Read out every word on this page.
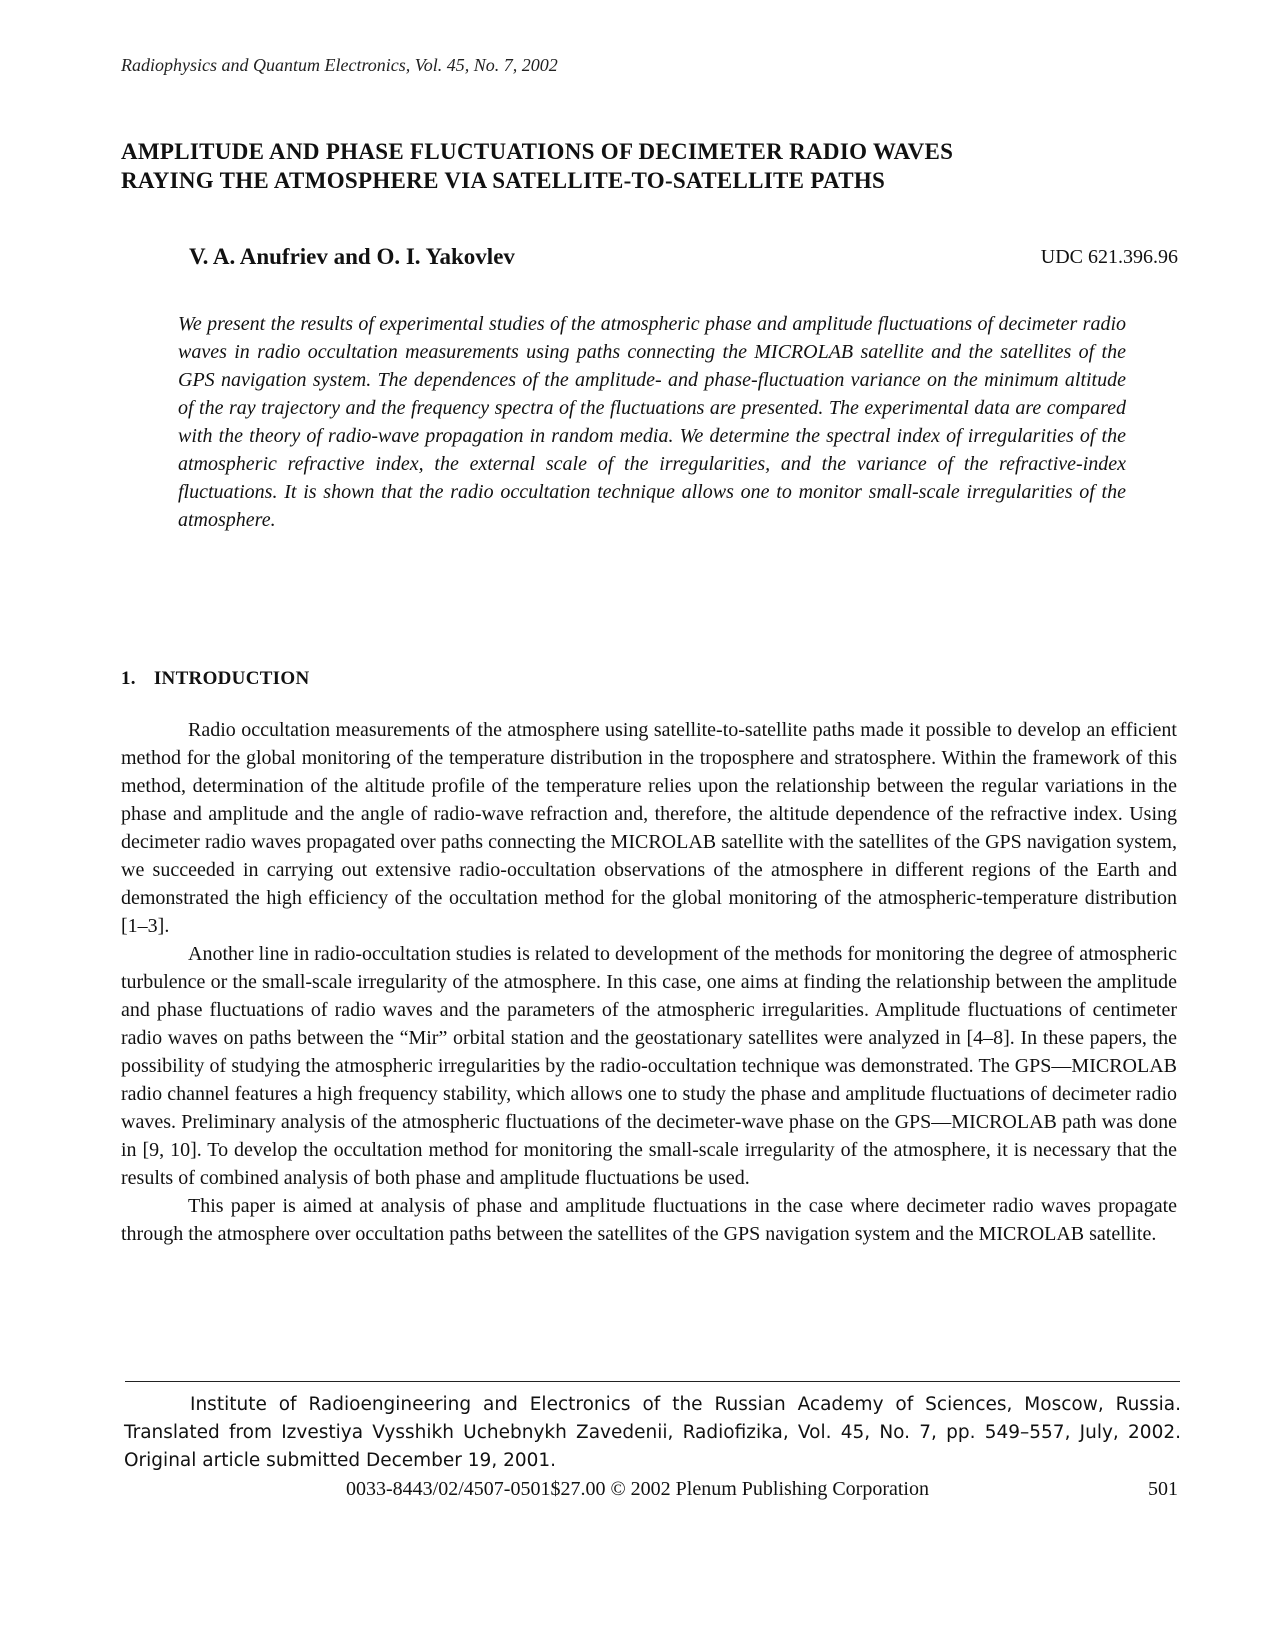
Radiophysics and Quantum Electronics, Vol. 45, No. 7, 2002
AMPLITUDE AND PHASE FLUCTUATIONS OF DECIMETER RADIO WAVES
RAYING THE ATMOSPHERE VIA SATELLITE-TO-SATELLITE PATHS
V. A. Anufriev and O. I. Yakovlev	UDC 621.396.96

We present the results of experimental studies of the atmospheric phase and amplitude fluctuations of decimeter radio waves in radio occultation measurements using paths connecting the MICROLAB satellite and the satellites of the GPS navigation system. The dependences of the amplitude- and phase-fluctuation variance on the minimum altitude of the ray trajectory and the frequency spectra of the fluctuations are presented. The experimental data are compared with the theory of radio-wave propagation in random media. We determine the spectral index of irregularities of the atmospheric refractive index, the external scale of the irregularities, and the variance of the refractive-index fluctuations. It is shown that the radio occultation technique allows one to monitor small-scale irregularities of the atmosphere.

1. INTRODUCTION

Radio occultation measurements of the atmosphere using satellite-to-satellite paths made it possible to develop an efficient method for the global monitoring of the temperature distribution in the troposphere and stratosphere. Within the framework of this method, determination of the altitude profile of the temperature relies upon the relationship between the regular variations in the phase and amplitude and the angle of radio-wave refraction and, therefore, the altitude dependence of the refractive index. Using decimeter radio waves propagated over paths connecting the MICROLAB satellite with the satellites of the GPS navigation system, we succeeded in carrying out extensive radio-occultation observations of the atmosphere in different regions of the Earth and demonstrated the high efficiency of the occultation method for the global monitoring of the atmospheric-temperature distribution [1–3].

Another line in radio-occultation studies is related to development of the methods for monitoring the degree of atmospheric turbulence or the small-scale irregularity of the atmosphere. In this case, one aims at finding the relationship between the amplitude and phase fluctuations of radio waves and the parameters of the atmospheric irregularities. Amplitude fluctuations of centimeter radio waves on paths between the “Mir” orbital station and the geostationary satellites were analyzed in [4–8]. In these papers, the possibility of studying the atmospheric irregularities by the radio-occultation technique was demonstrated. The GPS—MICROLAB radio channel features a high frequency stability, which allows one to study the phase and amplitude fluctuations of decimeter radio waves. Preliminary analysis of the atmospheric fluctuations of the decimeter-wave phase on the GPS—MICROLAB path was done in [9, 10]. To develop the occultation method for monitoring the small-scale irregularity of the atmosphere, it is necessary that the results of combined analysis of both phase and amplitude fluctuations be used.

This paper is aimed at analysis of phase and amplitude fluctuations in the case where decimeter radio waves propagate through the atmosphere over occultation paths between the satellites of the GPS navigation system and the MICROLAB satellite.

Institute of Radioengineering and Electronics of the Russian Academy of Sciences, Moscow, Russia. Translated from Izvestiya Vysshikh Uchebnykh Zavedenii, Radiofizika, Vol. 45, No. 7, pp. 549–557, July, 2002. Original article submitted December 19, 2001.

0033-8443/02/4507-0501$27.00 © 2002 Plenum Publishing Corporation	501
